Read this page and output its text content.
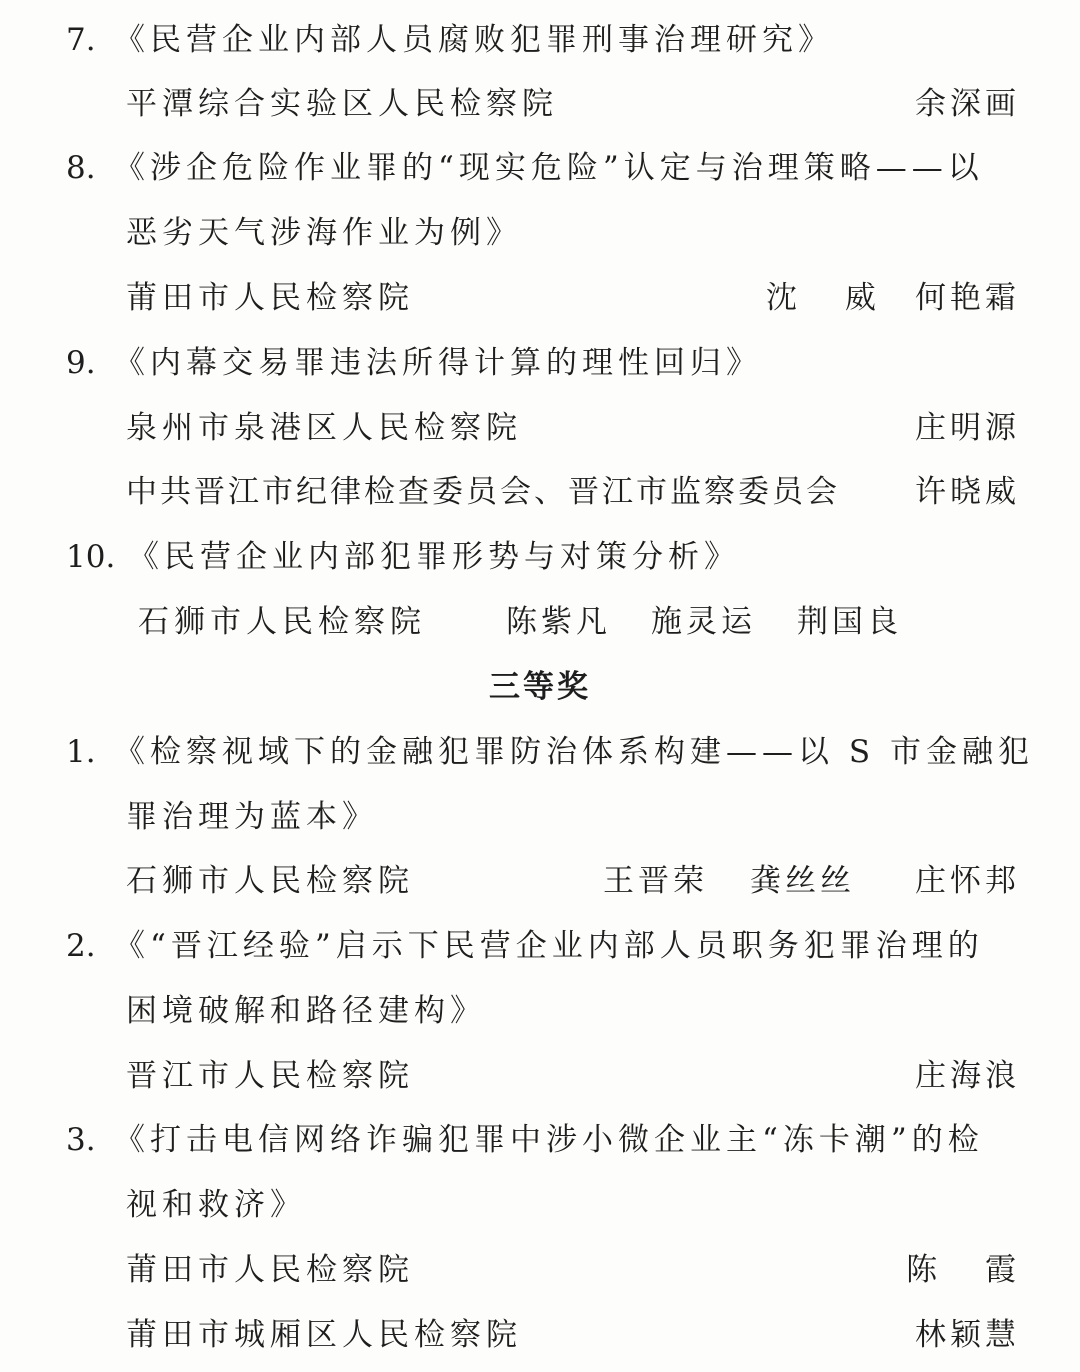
7. 《民营企业内部人员腐败犯罪刑事治理研究》
平潭综合实验区人民检察院	余深画
8. 《涉企危险作业罪的“现实危险”认定与治理策略——以
恶劣天气涉海作业为例》
莆田市人民检察院	沈 威 何艳霜
9. 《内幕交易罪违法所得计算的理性回归》
泉州市泉港区人民检察院	庄明源
中共晋江市纪律检查委员会、晋江市监察委员会 许晓威
10. 《民营企业内部犯罪形势与对策分析》
石狮市人民检察院	陈紫凡 施灵运 荆国良
三等奖
1. 《检察视域下的金融犯罪防治体系构建——以 S 市金融犯
罪治理为蓝本》
石狮市人民检察院	王晋荣 龚丝丝 庄怀邦
2. 《“晋江经验”启示下民营企业内部人员职务犯罪治理的
困境破解和路径建构》
晋江市人民检察院	庄海浪
3. 《打击电信网络诈骗犯罪中涉小微企业主“冻卡潮”的检
视和救济》
莆田市人民检察院	陈 霞
莆田市城厢区人民检察院	林颖慧
